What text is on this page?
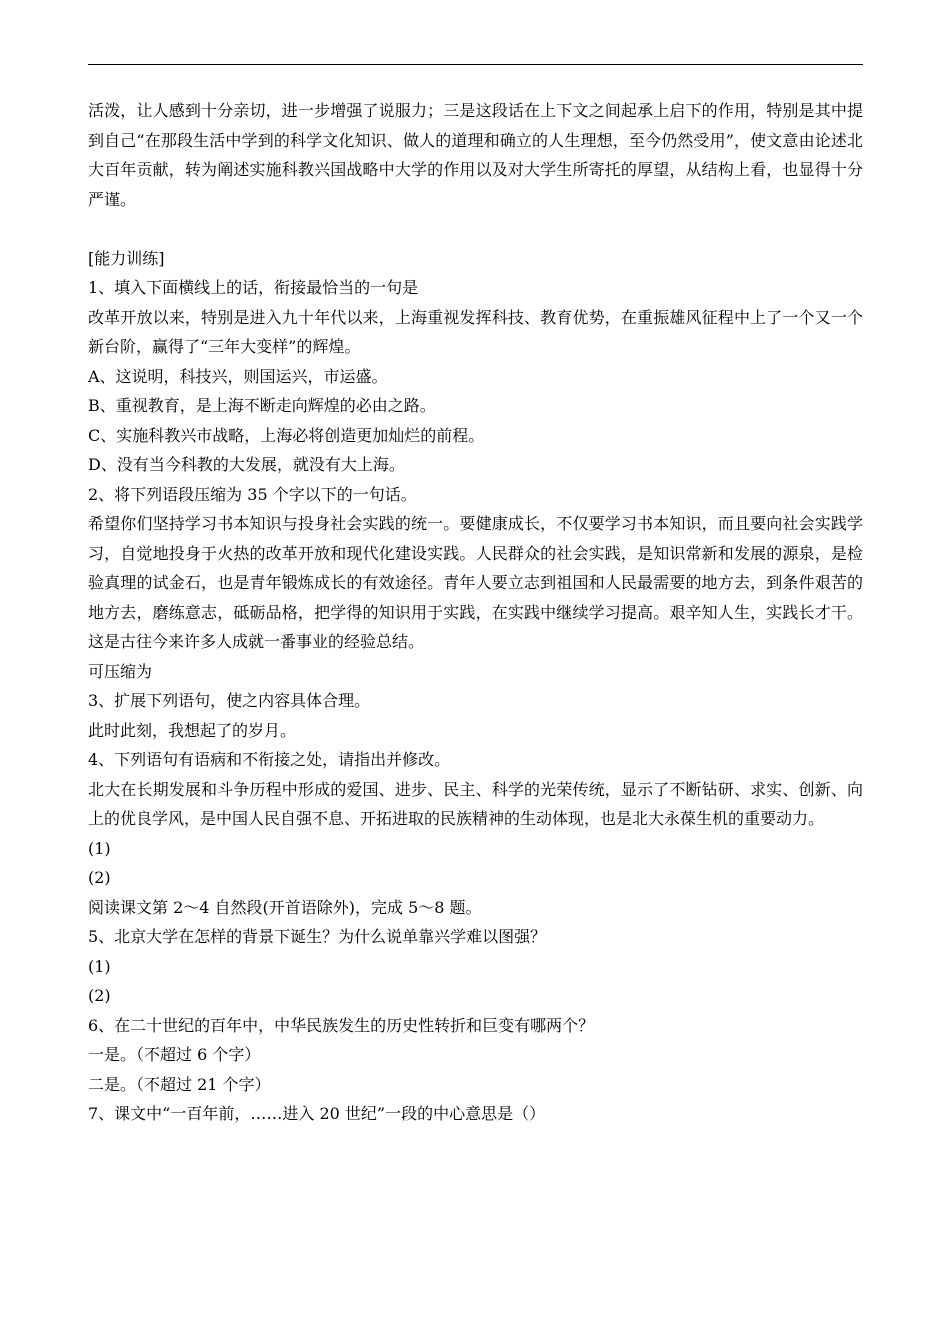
活泼，让人感到十分亲切，进一步增强了说服力；三是这段话在上下文之间起承上启下的作用，特别是其中提到自己“在那段生活中学到的科学文化知识、做人的道理和确立的人生理想，至今仍然受用”，使文意由论述北大百年贡献，转为阐述实施科教兴国战略中大学的作用以及对大学生所寄托的厚望，从结构上看，也显得十分严谨。

[能力训练]

1、填入下面横线上的话，衔接最恰当的一句是

改革开放以来，特别是进入九十年代以来，上海重视发挥科技、教育优势，在重振雄风征程中上了一个又一个新台阶，赢得了“三年大变样”的辉煌。

A、这说明，科技兴，则国运兴，市运盛。

B、重视教育，是上海不断走向辉煌的必由之路。

C、实施科教兴市战略，上海必将创造更加灿烂的前程。

D、没有当今科教的大发展，就没有大上海。

2、将下列语段压缩为 35 个字以下的一句话。

希望你们坚持学习书本知识与投身社会实践的统一。要健康成长，不仅要学习书本知识，而且要向社会实践学习，自觉地投身于火热的改革开放和现代化建设实践。人民群众的社会实践，是知识常新和发展的源泉，是检验真理的试金石，也是青年锻炼成长的有效途径。青年人要立志到祖国和人民最需要的地方去，到条件艰苦的地方去，磨练意志，砥砺品格，把学得的知识用于实践，在实践中继续学习提高。艰辛知人生，实践长才干。这是古往今来许多人成就一番事业的经验总结。

可压缩为

3、扩展下列语句，使之内容具体合理。

此时此刻，我想起了的岁月。

4、下列语句有语病和不衔接之处，请指出并修改。

北大在长期发展和斗争历程中形成的爱国、进步、民主、科学的光荣传统，显示了不断钻研、求实、创新、向上的优良学风，是中国人民自强不息、开拓进取的民族精神的生动体现，也是北大永葆生机的重要动力。

(1)

(2)

阅读课文第 2～4 自然段(开首语除外)，完成 5～8 题。

5、北京大学在怎样的背景下诞生？为什么说单靠兴学难以图强？

(1)

(2)

6、在二十世纪的百年中，中华民族发生的历史性转折和巨变有哪两个？

一是。（不超过 6 个字）

二是。（不超过 21 个字）

7、课文中“一百年前，……进入 20 世纪”一段的中心意思是（）
